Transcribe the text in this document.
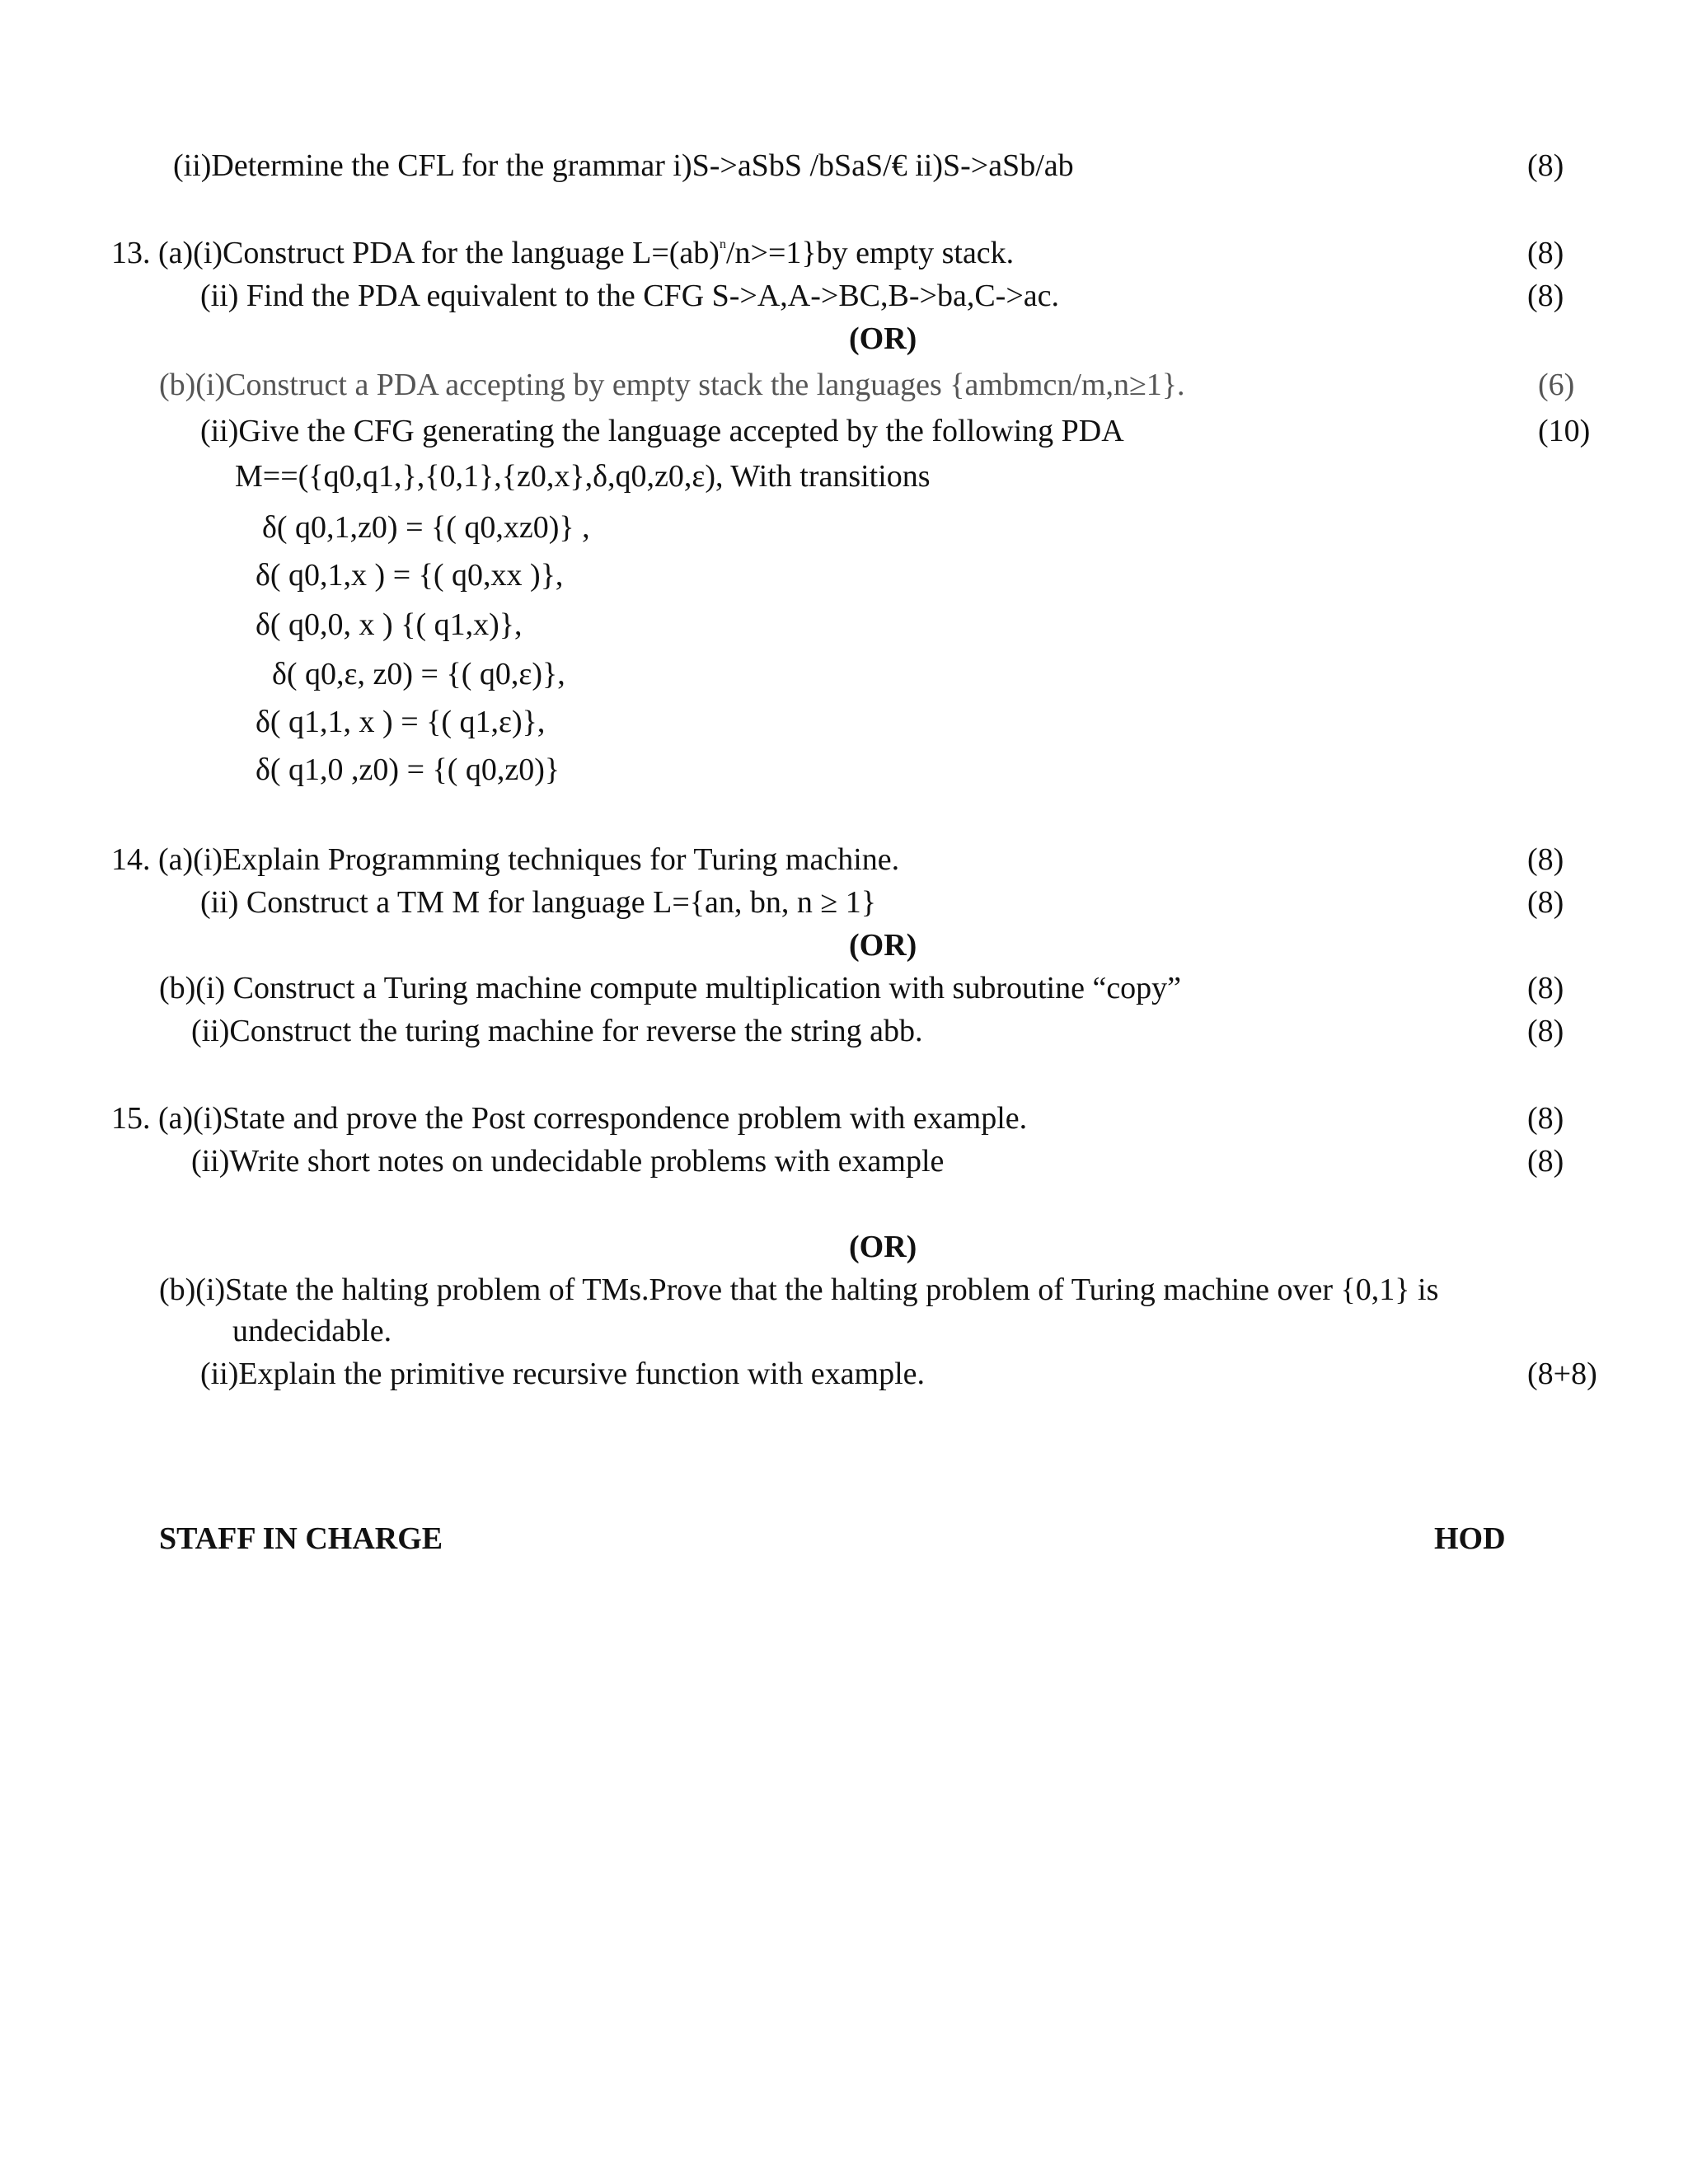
(ii)Determine the CFL for the grammar i)S->aSbS /bSaS/€ ii)S->aSb/ab	(8)
13. (a)(i)Construct PDA for the language L=(ab)$^n$/n>=1}by empty stack.	(8)
(ii) Find the PDA equivalent to the CFG S->A,A->BC,B->ba,C->ac.	(8)
(OR)
(b)(i)Construct a PDA accepting by empty stack the languages {ambmcn/m,n≥1}.	(6)
(ii)Give the CFG generating the language accepted by the following PDA	(10)
M==({q0,q1,},{0,1},{z0,x},δ,q0,z0,ε), With transitions
δ( q0,1,z0) = {( q0,xz0)} ,
δ( q0,1,x ) = {( q0,xx )},
δ( q0,0, x ) {( q1,x)},
δ( q0,ε, z0) = {( q0,ε)},
δ( q1,1, x ) = {( q1,ε)},
δ( q1,0 ,z0) = {( q0,z0)}
14. (a)(i)Explain Programming techniques for Turing machine.	(8)
(ii) Construct a TM M for language L={an, bn, n ≥ 1}	(8)
(OR)
(b)(i) Construct a Turing machine compute multiplication with subroutine “copy”	(8)
(ii)Construct the turing machine for reverse the string abb.	(8)
15. (a)(i)State and prove the Post correspondence problem with example.	(8)
(ii)Write short notes on undecidable problems with example	(8)
(OR)
(b)(i)State the halting problem of TMs.Prove that the halting problem of Turing machine over {0,1} is
undecidable.
(ii)Explain the primitive recursive function with example.	(8+8)
STAFF IN CHARGE	HOD
